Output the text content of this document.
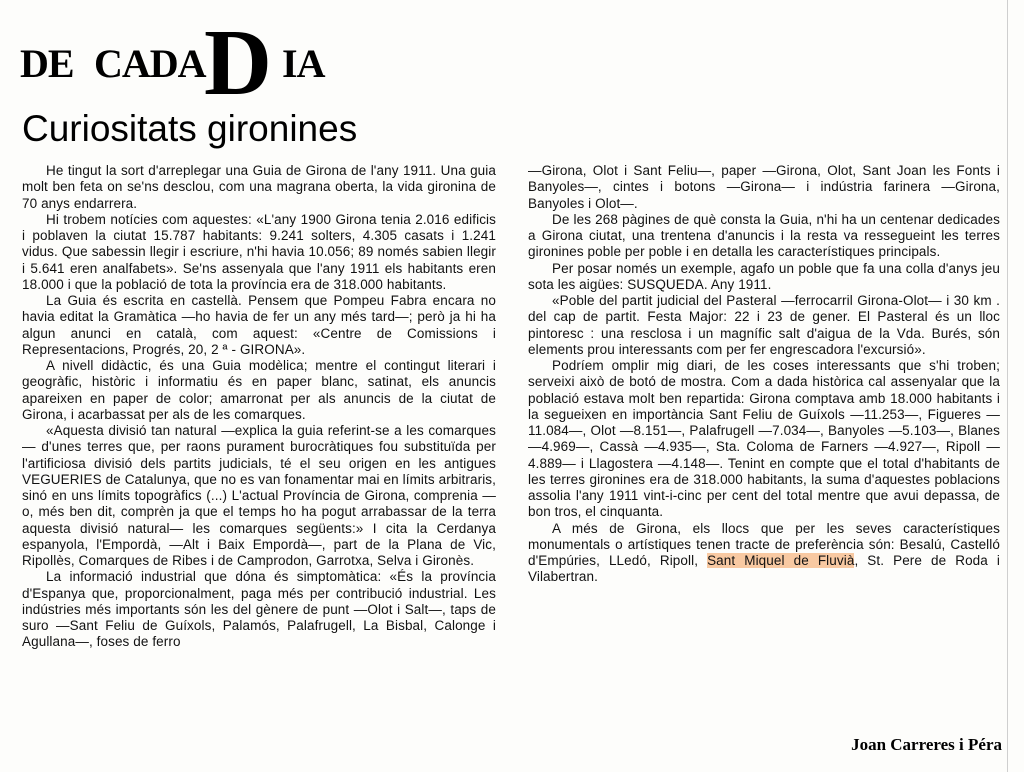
DE CADA
D IA
Curiositats gironines

He tingut la sort d'arreplegar una Guia de Girona de l'any 1911. Una guia molt ben feta on se'ns desclou, com una magrana oberta, la vida gironina de 70 anys endarrera.

Hi trobem notícies com aquestes: «L'any 1900 Girona tenia 2.016 edificis i poblaven la ciutat 15.787 habitants: 9.241 solters, 4.305 casats i 1.241 vidus. Que sabessin llegir i escriure, n'hi havia 10.056; 89 només sabien llegir i 5.641 eren analfabets». Se'ns assenyala que l'any 1911 els habitants eren 18.000 i que la població de tota la província era de 318.000 habitants.

La Guia és escrita en castellà. Pensem que Pompeu Fabra encara no havia editat la Gramàtica —ho havia de fer un any més tard—; però ja hi ha algun anunci en català, com aquest: «Centre de Comissions i Representacions, Progrés, 20, 2 ª - GIRONA».

A nivell didàctic, és una Guia modèlica; mentre el contingut literari i geogràfic, històric i informatiu és en paper blanc, satinat, els anuncis apareixen en paper de color; amarronat per als anuncis de la ciutat de Girona, i acarbassat per als de les comarques.

«Aquesta divisió tan natural —explica la guia referint-se a les comarques— d'unes terres que, per raons purament burocràtiques fou substituïda per l'artificiosa divisió dels partits judicials, té el seu origen en les antigues VEGUERIES de Catalunya, que no es van fonamentar mai en límits arbitraris, sinó en uns límits topogràfics (...) L'actual Província de Girona, comprenia —o, més ben dit, comprèn ja que el temps ho ha pogut arrabassar de la terra aquesta divisió natural— les comarques següents:» I cita la Cerdanya espanyola, l'Empordà, —Alt i Baix Empordà—, part de la Plana de Vic, Ripollès, Comarques de Ribes i de Camprodon, Garrotxa, Selva i Gironès.

La informació industrial que dóna és simptomàtica: «És la província d'Espanya que, proporcionalment, paga més per contribució industrial. Les indústries més importants són les del gènere de punt —Olot i Salt—, taps de suro —Sant Feliu de Guíxols, Palamós, Palafrugell, La Bisbal, Calonge i Agullana—, foses de ferro

—Girona, Olot i Sant Feliu—, paper —Girona, Olot, Sant Joan les Fonts i Banyoles—, cintes i botons —Girona— i indústria farinera —Girona, Banyoles i Olot—.

De les 268 pàgines de què consta la Guia, n'hi ha un centenar dedicades a Girona ciutat, una trentena d'anuncis i la resta va ressegueint les terres gironines poble per poble i en detalla les característiques principals.

Per posar només un exemple, agafo un poble que fa una colla d'anys jeu sota les aigües: SUSQUEDA. Any 1911.

«Poble del partit judicial del Pasteral —ferrocarril Girona-Olot— i 30 km . del cap de partit. Festa Major: 22 i 23 de gener. El Pasteral és un lloc pintoresc : una resclosa i un magnífic salt d'aigua de la Vda. Burés, són elements prou interessants com per fer engrescadora l'excursió».

Podríem omplir mig diari, de les coses interessants que s'hi troben; serveixi això de botó de mostra. Com a dada històrica cal assenyalar que la població estava molt ben repartida: Girona comptava amb 18.000 habitants i la segueixen en importància Sant Feliu de Guíxols —11.253—, Figueres —11.084—, Olot —8.151—, Palafrugell —7.034—, Banyoles —5.103—, Blanes —4.969—, Cassà —4.935—, Sta. Coloma de Farners —4.927—, Ripoll —4.889— i Llagostera —4.148—. Tenint en compte que el total d'habitants de les terres gironines era de 318.000 habitants, la suma d'aquestes poblacions assolia l'any 1911 vint-i-cinc per cent del total mentre que avui depassa, de bon tros, el cinquanta.

A més de Girona, els llocs que per les seves característiques monumentals o artístiques tenen tracte de preferència són: Besalú, Castelló d'Empúries, LLedó, Ripoll, Sant Miquel de Fluvià, St. Pere de Roda i Vilabertran.

Joan Carreres i Péra
